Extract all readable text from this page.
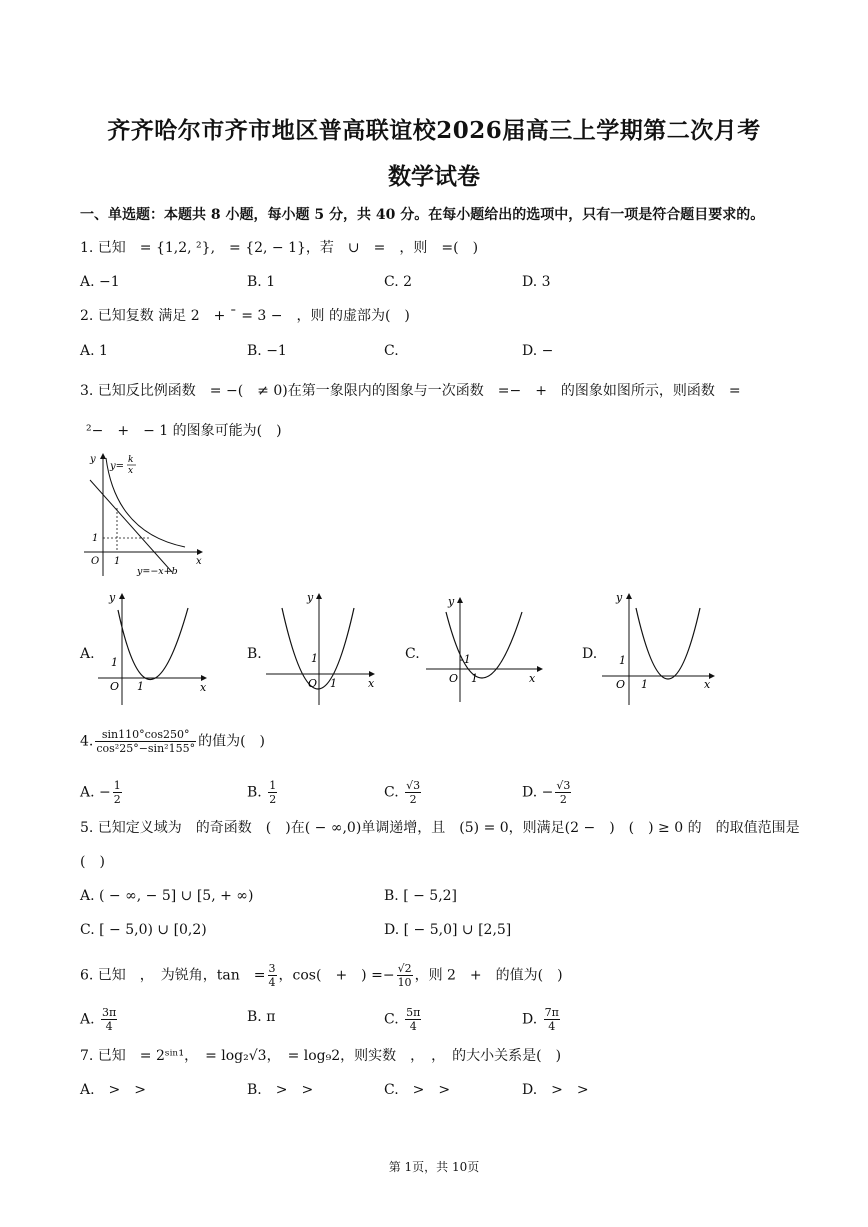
齐齐哈尔市齐市地区普高联谊校2026届高三上学期第二次月考
数学试卷
一、单选题：本题共 8 小题，每小题 5 分，共 40 分。在每小题给出的选项中，只有一项是符合题目要求的。
1. 已知　= {1,2, ²},　= {2, − 1}，若　∪　=　，则　=(　)
A. −1	B. 1	C. 2	D. 3
2. 已知复数 满足 2　+ ¯ = 3 −　，则 的虚部为(　)
A. 1	B. −1	C.	D. −
3. 已知反比例函数　= −(　≠ 0)在第一象限内的图象与一次函数　=−　+　的图象如图所示，则函数　=
²−　+　− 1 的图象可能为(　)
y
y=
k
x
1
O 1	x
y=−x+b
A.
y
1
O 1	x
B.
y
1
O 1	x
C.
y
-1
O 1	x
D.
y
1
O 1	x
4. $\frac{\sin 110^\circ\cos 250^\circ}{\text{cos²25°−sin²155°}}$ 的值为(　)
A. − $\frac{1}{2}$	B. $\frac{1}{2}$	C. $\frac{√3}{2}$	D. − $\frac{√3}{2}$
5. 已知定义域为　的奇函数　(　)在( − ∞,0)单调递增，且　(5) = 0，则满足(2 −　)　(　) ≥ 0 的　的取值范围是
(　)
A. ( − ∞, − 5] ∪ [5, + ∞)	B. [ − 5,2]
C. [ − 5,0) ∪ [0,2)	D. [ − 5,0] ∪ [2,5]
6. 已知　，　为锐角，tan　= $\frac{3}{4}$ ，cos(　+　) =− $\frac{√2}{10}$ ，则 2　+　的值为(　)
A. $\frac{3\pi}{4}$	B. π	C. $\frac{5\pi}{4}$	D. $\frac{7\pi}{4}$
7. 已知　= 2ˢⁱⁿ¹，　= log₂√3，　= log₉2，则实数　，　，　的大小关系是(　)
A.　>　>	B.　>　>	C.　>　>	D.　>　>
第 1页，共 10页
